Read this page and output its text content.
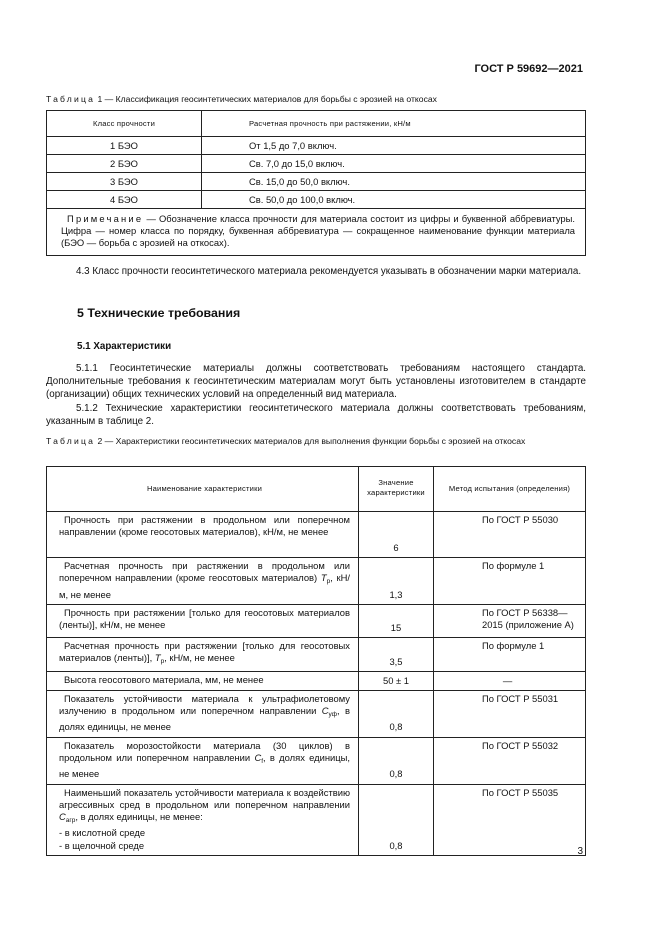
ГОСТ Р 59692—2021
Таблица 1 — Классификация геосинтетических материалов для борьбы с эрозией на откосах
Класс прочности	Расчетная прочность при растяжении, кН/м
1 БЭО	От 1,5 до 7,0 включ.
2 БЭО	Св. 7,0 до 15,0 включ.
3 БЭО	Св. 15,0 до 50,0 включ.
4 БЭО	Св. 50,0 до 100,0 включ.
Примечание — Обозначение класса прочности для материала состоит из цифры и буквенной аббревиатуры. Цифра — номер класса по порядку, буквенная аббревиатура — сокращенное наименование функции материала (БЭО — борьба с эрозией на откосах).	
4.3 Класс прочности геосинтетического материала рекомендуется указывать в обозначении марки материала.
5 Технические требования
5.1 Характеристики
5.1.1 Геосинтетические материалы должны соответствовать требованиям настоящего стандарта. Дополнительные требования к геосинтетическим материалам могут быть установлены изготовителем в стандарте (организации) общих технических условий на определенный вид материала.
5.1.2 Технические характеристики геосинтетического материала должны соответствовать требованиям, указанным в таблице 2.
Таблица 2 — Характеристики геосинтетических материалов для выполнения функции борьбы с эрозией на откосах
Наименование характеристики	Значение характеристики	Метод испытания (определения)
Прочность при растяжении в продольном или поперечном направлении (кроме геосотовых материалов), кН/м, не менее	6	По ГОСТ Р 55030
Расчетная прочность при растяжении в продольном или поперечном направлении (кроме геосотовых материалов) $T_p$, кН/м, не менее	1,3	По формуле 1
Прочность при растяжении [только для геосотовых материалов (ленты)], кН/м, не менее	15	По ГОСТ Р 56338—2015 (приложение А)
Расчетная прочность при растяжении [только для геосотовых материалов (ленты)], $T_p$, кН/м, не менее	3,5	По формуле 1
Высота геосотового материала, мм, не менее	50 ± 1	—
Показатель устойчивости материала к ультрафиолетовому излучению в продольном или поперечном направлении $C_{уф}$, в долях единицы, не менее	0,8	По ГОСТ Р 55031
Показатель морозостойкости материала (30 циклов) в продольном или поперечном направлении $C_f$, в долях единицы, не менее	0,8	По ГОСТ Р 55032
Наименьший показатель устойчивости материала к воздействию агрессивных сред в продольном или поперечном направлении $C_{агр}$, в долях единицы, не менее:
- в кислотной среде
- в щелочной среде	0,8	По ГОСТ Р 55035
3
